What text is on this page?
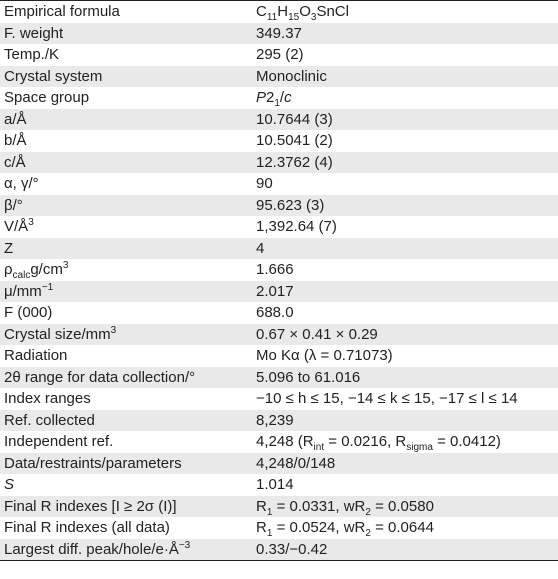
Empirical formula	$C_{11}H_{15}O_3SnCl$
F. weight	349.37
Temp./K	295 (2)
Crystal system	Monoclinic
Space group	$P2_1/c$
a/Å	10.7644 (3)
b/Å	10.5041 (2)
c/Å	12.3762 (4)
α, γ/°	90
β/°	95.623 (3)
$V/Å^3$	1,392.64 (7)
Z	4
$\rho_{calc}g/cm^3$	1.666
$\mu/mm^{-1}$	2.017
F (000)	688.0
Crystal size/$mm^3$	0.67 × 0.41 × 0.29
Radiation	Mo Kα (λ = 0.71073)
2θ range for data collection/°	5.096 to 61.016
Index ranges	−10 ≤ h ≤ 15, −14 ≤ k ≤ 15, −17 ≤ l ≤ 14
Ref. collected	8,239
Independent ref.	4,248 ($R_{int} = 0.0216$, $R_{sigma} = 0.0412$)
Data/restraints/parameters	4,248/0/148
S	1.014
Final R indexes [I ≥ 2σ (I)]	$R_1 = 0.0331$, $wR_2 = 0.0580$
Final R indexes (all data)	$R_1 = 0.0524$, $wR_2 = 0.0644$
Largest diff. peak/$hole/e\cdot Å^{-3}$	0.33/−0.42
